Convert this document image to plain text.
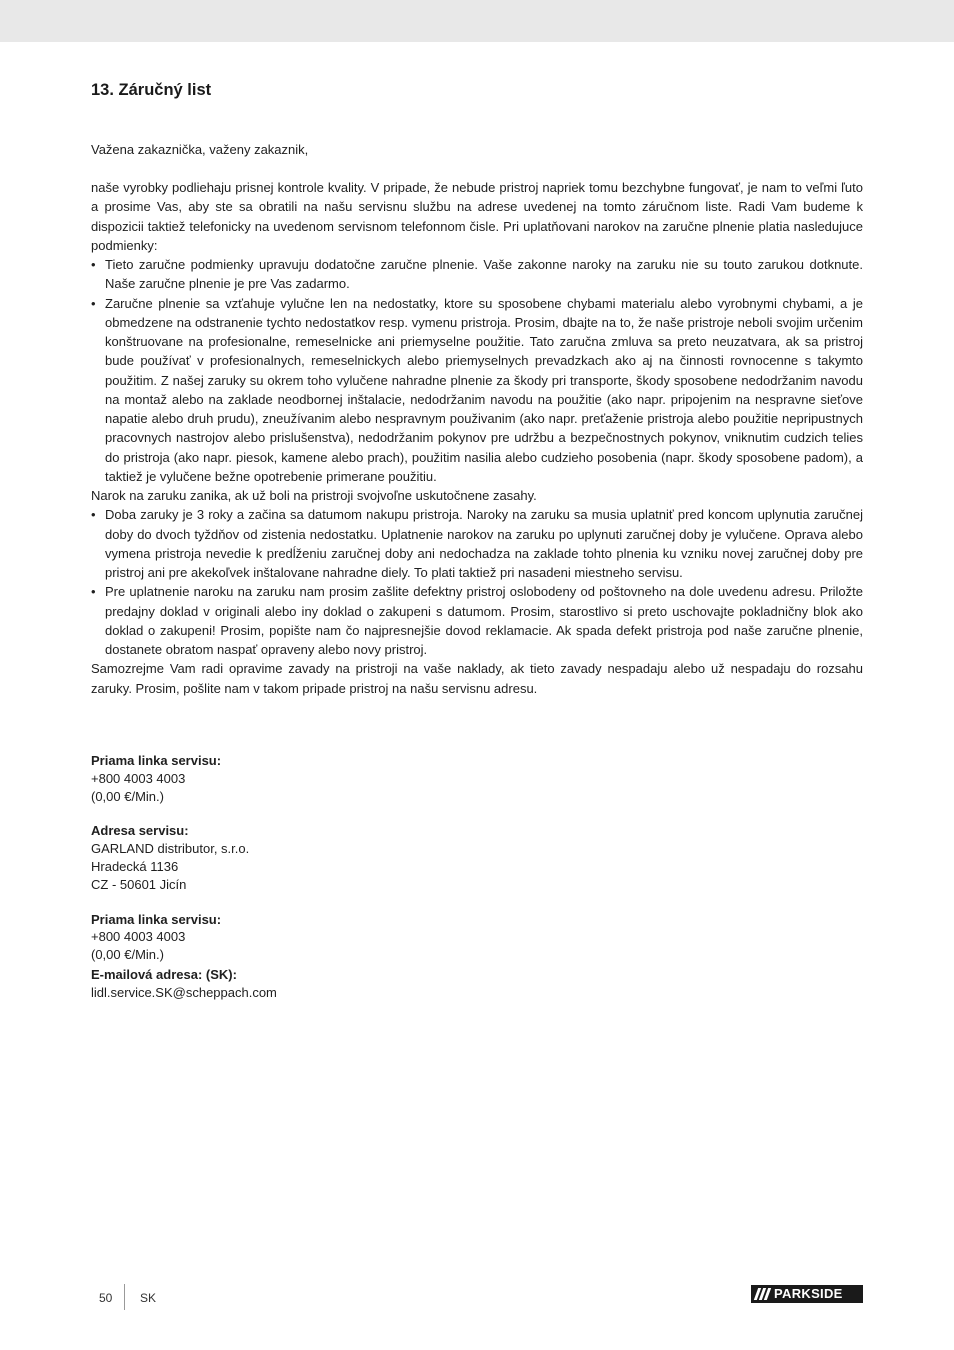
13. Záručný list
Važena zakaznička, važeny zakaznik,

naše vyrobky podliehaju prisnej kontrole kvality. V pripade, že nebude pristroj napriek tomu bezchybne fungovať, je nam to veľmi ľuto a prosime Vas, aby ste sa obratili na našu servisnu službu na adrese uvedenej na tomto záručnom liste. Radi Vam budeme k dispozicii taktiež telefonicky na uvedenom servisnom telefonnom čisle. Pri uplatňovani narokov na zaručne plnenie platia nasledujuce podmienky:

• Tieto zaručne podmienky upravuju dodatočne zaručne plnenie. Vaše zakonne naroky na zaruku nie su touto zarukou dotknute. Naše zaručne plnenie je pre Vas zadarmo.
• Zaručne plnenie sa vzťahuje vylučne len na nedostatky, ktore su sposobene chybami materialu alebo vyrobnymi chybami, a je obmedzene na odstranenie tychto nedostatkov resp. vymenu pristroja. Prosim, dbajte na to, že naše pristroje neboli svojim určenim konštruovane na profesionalne, remeselnicke ani priemyselne použitie. Tato zaručna zmluva sa preto neuzatvara, ak sa pristroj bude používať v profesionalnych, remeselnickych alebo priemyselnych prevadzkach ako aj na činnosti rovnocenne s takymto použitim. Z našej zaruky su okrem toho vylučene nahradne plnenie za škody pri transporte, škody sposobene nedodržanim navodu na montaž alebo na zaklade neodbornej inštalacie, nedodržanim navodu na použitie (ako napr. pripojenim na nespravne sieťove napatie alebo druh prudu), zneužívanim alebo nespravnym použivanim (ako napr. preťaženie pristroja alebo použitie nepripustnych pracovnych nastrojov alebo prislušenstva), nedodržanim pokynov pre udržbu a bezpečnostnych pokynov, vniknutim cudzich telies do pristroja (ako napr. piesok, kamene alebo prach), použitim nasilia alebo cudzieho posobenia (napr. škody sposobene padom), a taktiež je vylučene bežne opotrebenie primerane použitiu.

Narok na zaruku zanika, ak už boli na pristroji svojvoľne uskutočnene zasahy.

• Doba zaruky je 3 roky a začina sa datumom nakupu pristroja. Naroky na zaruku sa musia uplatniť pred koncom uplynutia zaručnej doby do dvoch tyždňov od zistenia nedostatku. Uplatnenie narokov na zaruku po uplynuti zaručnej doby je vylučene. Oprava alebo vymena pristroja nevedie k predĺženiu zaručnej doby ani nedochadza na zaklade tohto plnenia ku vzniku novej zaručnej doby pre pristroj ani pre akekoľvek inštalovane nahradne diely. To plati taktiež pri nasadeni miestneho servisu.
• Pre uplatnenie naroku na zaruku nam prosim zašlite defektny pristroj oslobodeny od poštovneho na dole uvedenu adresu. Priložte predajny doklad v originali alebo iny doklad o zakupeni s datumom. Prosim, starostlivo si preto uschovajte pokladničny blok ako doklad o zakupeni! Prosim, popište nam čo najpresnejšie dovod reklamacie. Ak spada defekt pristroja pod naše zaručne plnenie, dostanete obratom naspať opraveny alebo novy pristroj.

Samozrejme Vam radi opravime zavady na pristroji na vaše naklady, ak tieto zavady nespadaju alebo už nespadaju do rozsahu zaruky. Prosim, pošlite nam v takom pripade pristroj na našu servisnu adresu.

Priama linka servisu:
+800 4003 4003
(0,00 €/Min.)
Adresa servisu:
GARLAND distributor, s.r.o.
Hradecká 1136
CZ - 50601 Jicín
Priama linka servisu:
+800 4003 4003
(0,00 €/Min.)
E-mailová adresa: (SK):
lidl.service.SK@scheppach.com
50 SK	PARKSIDE
